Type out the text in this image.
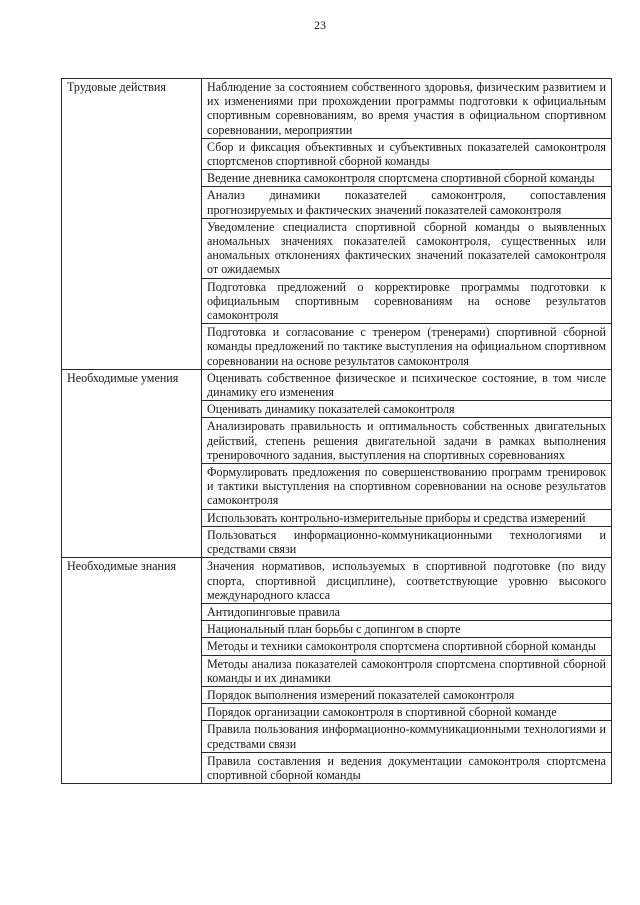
23
Трудовые действия	Наблюдение за состоянием собственного здоровья, физическим развитием и их изменениями при прохождении программы подготовки к официальным спортивным соревнованиям, во время участия в официальном спортивном соревновании, мероприятии
	Сбор и фиксация объективных и субъективных показателей самоконтроля спортсменов спортивной сборной команды
	Ведение дневника самоконтроля спортсмена спортивной сборной команды
	Анализ динамики показателей самоконтроля, сопоставления прогнозируемых и фактических значений показателей самоконтроля
	Уведомление специалиста спортивной сборной команды о выявленных аномальных значениях показателей самоконтроля, существенных или аномальных отклонениях фактических значений показателей самоконтроля от ожидаемых
	Подготовка предложений о корректировке программы подготовки к официальным спортивным соревнованиям на основе результатов самоконтроля
	Подготовка и согласование с тренером (тренерами) спортивной сборной команды предложений по тактике выступления на официальном спортивном соревновании на основе результатов самоконтроля
Необходимые умения	Оценивать собственное физическое и психическое состояние, в том числе динамику его изменения
	Оценивать динамику показателей самоконтроля
	Анализировать правильность и оптимальность собственных двигательных действий, степень решения двигательной задачи в рамках выполнения тренировочного задания, выступления на спортивных соревнованиях
	Формулировать предложения по совершенствованию программ тренировок и тактики выступления на спортивном соревновании на основе результатов самоконтроля
	Использовать контрольно-измерительные приборы и средства измерений
	Пользоваться информационно-коммуникационными технологиями и средствами связи
Необходимые знания	Значения нормативов, используемых в спортивной подготовке (по виду спорта, спортивной дисциплине), соответствующие уровню высокого международного класса
	Антидопинговые правила
	Национальный план борьбы с допингом в спорте
	Методы и техники самоконтроля спортсмена спортивной сборной команды
	Методы анализа показателей самоконтроля спортсмена спортивной сборной команды и их динамики
	Порядок выполнения измерений показателей самоконтроля
	Порядок организации самоконтроля в спортивной сборной команде
	Правила пользования информационно-коммуникационными технологиями и средствами связи
	Правила составления и ведения документации самоконтроля спортсмена спортивной сборной команды
